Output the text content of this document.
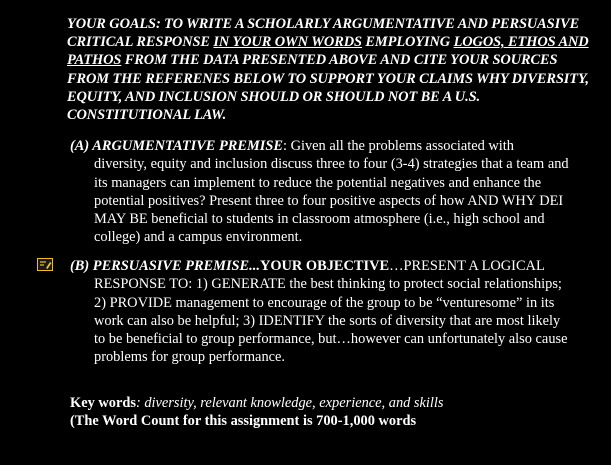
YOUR GOALS: TO WRITE A SCHOLARLY ARGUMENTATIVE AND PERSUASIVE CRITICAL RESPONSE IN YOUR OWN WORDS EMPLOYING LOGOS, ETHOS AND PATHOS FROM THE DATA PRESENTED ABOVE AND CITE YOUR SOURCES FROM THE REFERENES BELOW TO SUPPORT YOUR CLAIMS WHY DIVERSITY, EQUITY, AND INCLUSION SHOULD OR SHOULD NOT BE A U.S. CONSTITUTIONAL LAW.
(A) ARGUMENTATIVE PREMISE: Given all the problems associated with
diversity, equity and inclusion discuss three to four (3-4) strategies that a team and its managers can implement to reduce the potential negatives and enhance the potential positives? Present three to four positive aspects of how AND WHY DEI MAY BE beneficial to students in classroom atmosphere (i.e., high school and college) and a campus environment.
(B) PERSUASIVE PREMISE...YOUR OBJECTIVE…PRESENT A LOGICAL
RESPONSE TO: 1) GENERATE the best thinking to protect social relationships; 2) PROVIDE management to encourage of the group to be “venturesome” in its work can also be helpful; 3) IDENTIFY the sorts of diversity that are most likely to be beneficial to group performance, but…however can unfortunately also cause problems for group performance.
Key words: diversity, relevant knowledge, experience, and skills
(The Word Count for this assignment is 700-1,000 words
